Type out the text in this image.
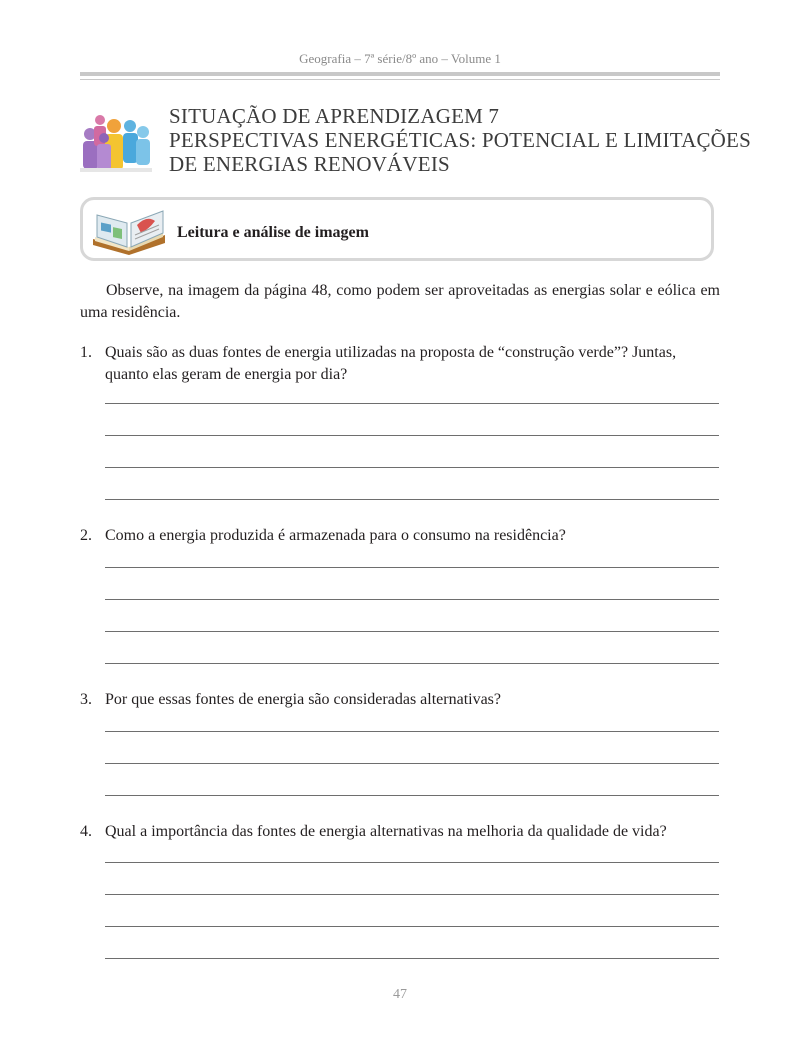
Geografia – 7ª série/8º ano – Volume 1
SITUAÇÃO DE APRENDIZAGEM 7
PERSPECTIVAS ENERGÉTICAS: POTENCIAL E LIMITAÇÕES
DE ENERGIAS RENOVÁVEIS
Leitura e análise de imagem
Observe, na imagem da página 48, como podem ser aproveitadas as energias solar e eólica em uma residência.
1. Quais são as duas fontes de energia utilizadas na proposta de “construção verde”? Juntas, quanto elas geram de energia por dia?
2. Como a energia produzida é armazenada para o consumo na residência?
3. Por que essas fontes de energia são consideradas alternativas?
4. Qual a importância das fontes de energia alternativas na melhoria da qualidade de vida?
47
